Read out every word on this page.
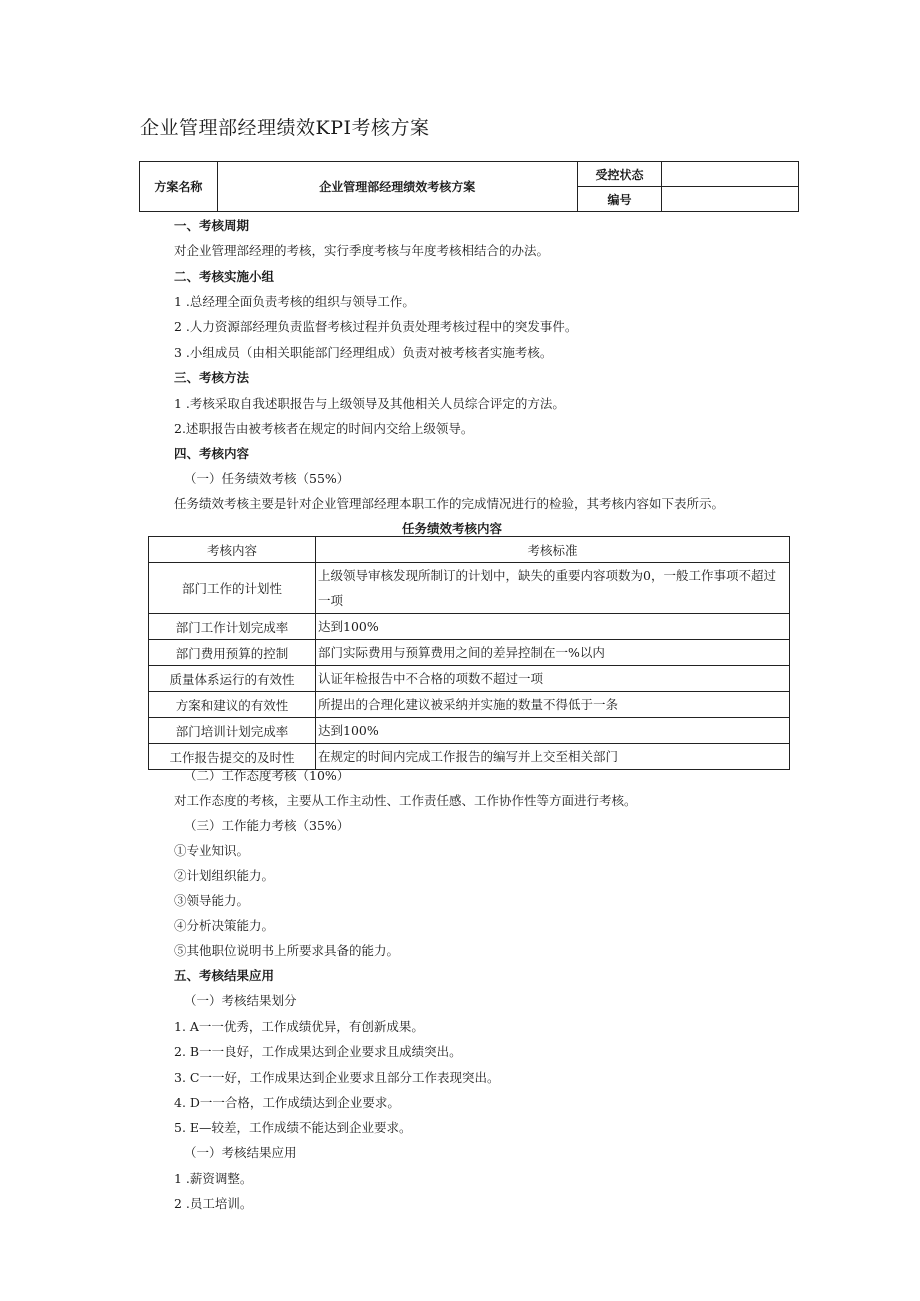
企业管理部经理绩效KPI考核方案
方案名称	企业管理部经理绩效考核方案	受控状态	
		编号	
一、考核周期
对企业管理部经理的考核，实行季度考核与年度考核相结合的办法。
二、考核实施小组
1 .总经理全面负责考核的组织与领导工作。
2 .人力资源部经理负责监督考核过程并负责处理考核过程中的突发事件。
3 .小组成员（由相关职能部门经理组成）负责对被考核者实施考核。
三、考核方法
1 .考核采取自我述职报告与上级领导及其他相关人员综合评定的方法。
2.述职报告由被考核者在规定的时间内交给上级领导。
四、考核内容
（一）任务绩效考核（55%）
任务绩效考核主要是针对企业管理部经理本职工作的完成情况进行的检验，其考核内容如下表所示。
任务绩效考核内容
考核内容	考核标准
部门工作的计划性	上级领导审核发现所制订的计划中，缺失的重要内容项数为0，一般工作事项不超过一项
部门工作计划完成率	达到100%
部门费用预算的控制	部门实际费用与预算费用之间的差异控制在一%以内
质量体系运行的有效性	认证年检报告中不合格的项数不超过一项
方案和建议的有效性	所提出的合理化建议被采纳并实施的数量不得低于一条
部门培训计划完成率	达到100%
工作报告提交的及时性	在规定的时间内完成工作报告的编写并上交至相关部门
（二）工作态度考核（10%）
对工作态度的考核，主要从工作主动性、工作责任感、工作协作性等方面进行考核。
（三）工作能力考核（35%）
①专业知识。
②计划组织能力。
③领导能力。
④分析决策能力。
⑤其他职位说明书上所要求具备的能力。
五、考核结果应用
（一）考核结果划分
1. A一一优秀，工作成绩优异，有创新成果。
2. B一一良好，工作成果达到企业要求且成绩突出。
3. C一一好，工作成果达到企业要求且部分工作表现突出。
4. D一一合格，工作成绩达到企业要求。
5. E—较差，工作成绩不能达到企业要求。
（一）考核结果应用
1 .薪资调整。
2 .员工培训。
